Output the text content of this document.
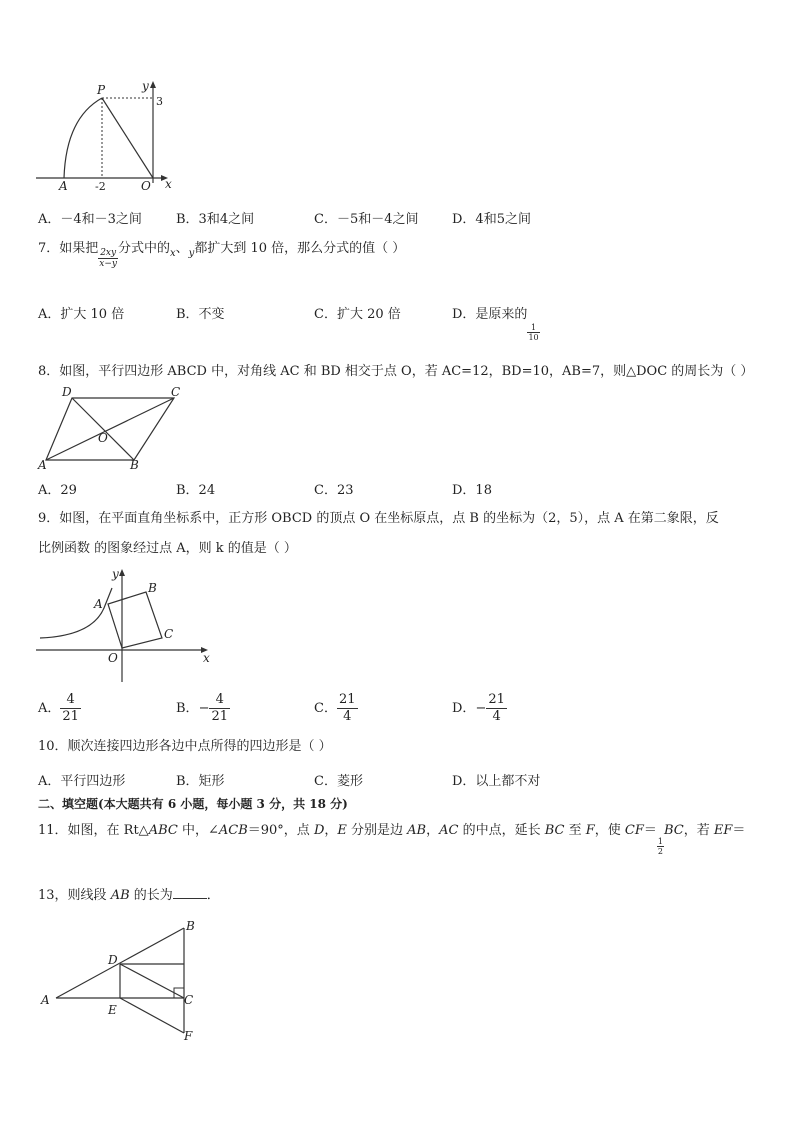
P	y
3
A -2	O x
A．－4和－3之间	B．3和4之间	C．－5和－4之间	D．4和5之间
7．如果把 $\frac{2xy}{x-y}$ 分式中的$_x$、$_y$都扩大到 10 倍，那么分式的值（ ）
A．扩大 10 倍	B．不变	C．扩大 20 倍	D．是原来的
$\frac{1}{10}$
8．如图，平行四边形 ABCD 中，对角线 AC 和 BD 相交于点 O，若 AC=12，BD=10，AB=7，则△DOC 的周长为（ ）
D	C
O
A	B
A．29	B．24	C．23	D．18
9．如图，在平面直角坐标系中，正方形 OBCD 的顶点 O 在坐标原点，点 B 的坐标为（2，5），点 A 在第二象限，反
比例函数 的图象经过点 A，则 k 的值是（ ）
y
A
B
C
O	x
A． $\frac{4}{21}$	B．− $\frac{4}{21}$	C． $\frac{21}{4}$	D．− $\frac{21}{4}$
10．顺次连接四边形各边中点所得的四边形是（ ）
A．平行四边形	B．矩形	C．菱形	D．以上都不对
二、填空题(本大题共有 6 小题，每小题 3 分，共 18 分)
11．如图，在 Rt△ABC 中，∠ACB＝90°，点 D，E 分别是边 AB，AC 的中点，延长 BC 至 F，使 CF＝
$\frac{1}{2}$
BC，若 EF＝
13，则线段 AB 的长为	．
B
D
A	C
E
F
